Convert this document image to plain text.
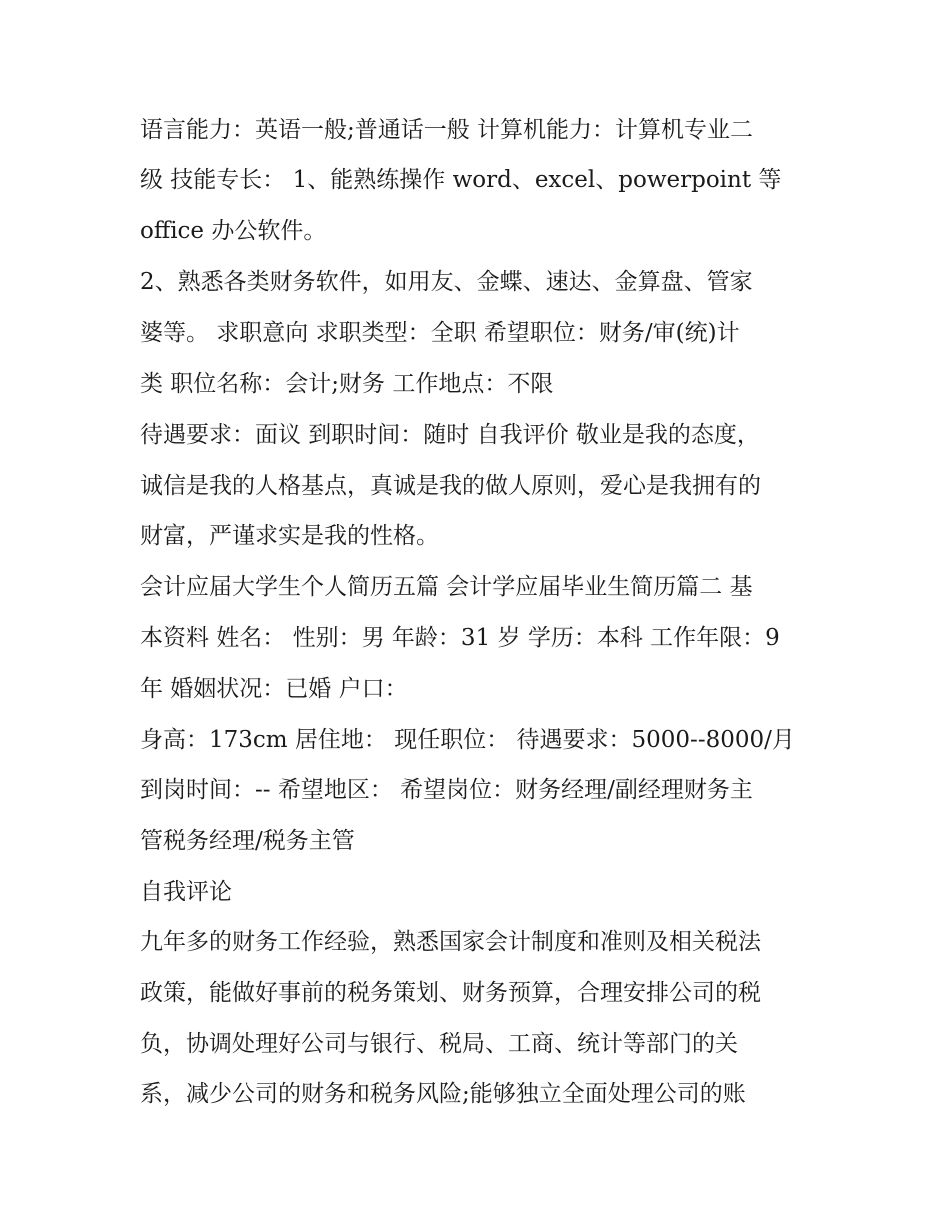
语言能力：英语一般;普通话一般 计算机能力：计算机专业二
级 技能专长： 1、能熟练操作 word、excel、powerpoint 等
office 办公软件。
2、熟悉各类财务软件，如用友、金蝶、速达、金算盘、管家
婆等。 求职意向 求职类型：全职 希望职位：财务/审(统)计
类 职位名称：会计;财务 工作地点：不限
待遇要求：面议 到职时间：随时 自我评价 敬业是我的态度，
诚信是我的人格基点，真诚是我的做人原则，爱心是我拥有的
财富，严谨求实是我的性格。
会计应届大学生个人简历五篇 会计学应届毕业生简历篇二 基
本资料 姓名： 性别：男 年龄：31 岁 学历：本科 工作年限：9
年 婚姻状况：已婚 户口：
身高：173cm 居住地： 现任职位： 待遇要求：5000--8000/月
到岗时间：-- 希望地区： 希望岗位：财务经理/副经理财务主
管税务经理/税务主管
自我评论
九年多的财务工作经验，熟悉国家会计制度和准则及相关税法
政策，能做好事前的税务策划、财务预算，合理安排公司的税
负，协调处理好公司与银行、税局、工商、统计等部门的关
系，减少公司的财务和税务风险;能够独立全面处理公司的账
